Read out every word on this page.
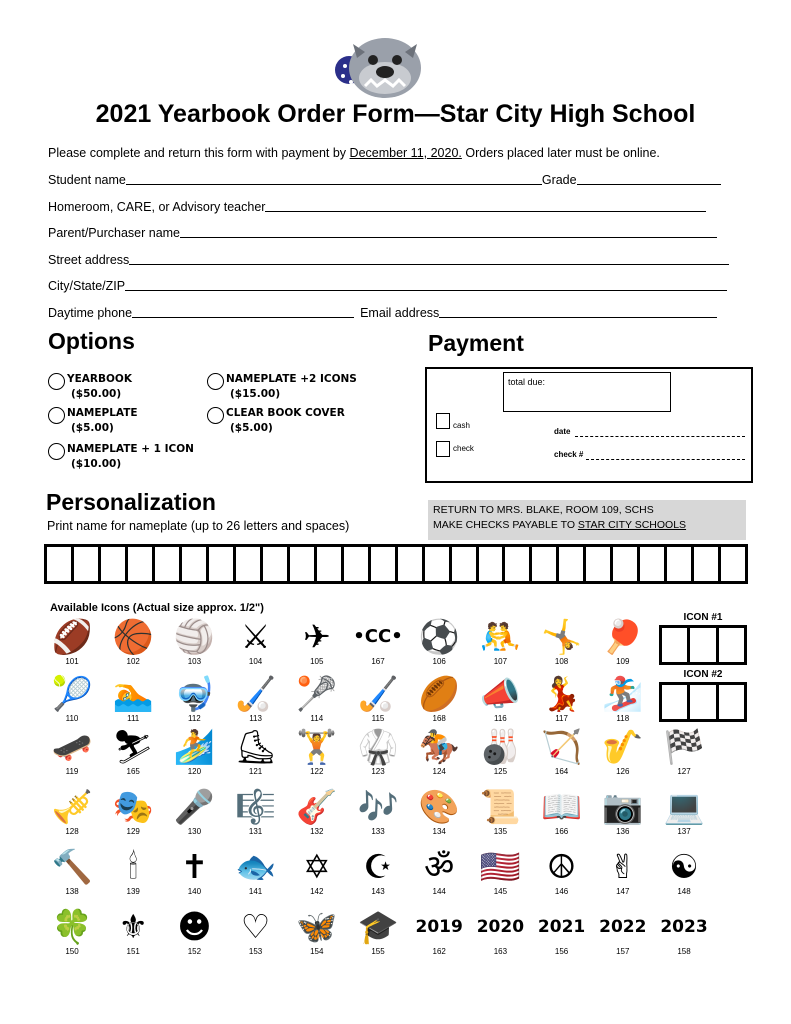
2021 Yearbook Order Form—Star City High School
Please complete and return this form with payment by December 11, 2020. Orders placed later must be online.
Student name	Grade
Homeroom, CARE, or Advisory teacher
Parent/Purchaser name
Street address
City/State/ZIP
Daytime phone	Email address
Options
YEARBOOK
($50.00)
NAMEPLATE
($5.00)
NAMEPLATE + 1 ICON
($10.00)
NAMEPLATE +2 ICONS
($15.00)
CLEAR BOOK COVER
($5.00)
Payment
total due:
cash
check
date
check #
Personalization
Print name for nameplate (up to 26 letters and spaces)
RETURN TO MRS. BLAKE, ROOM 109, SCHS
MAKE CHECKS PAYABLE TO STAR CITY SCHOOLS
Available Icons (Actual size approx. 1/2")
ICON #1
ICON #2
🏈
101
🏀
102
🏐
103
⚔
104
✈
105
•CC•
167
⚽
106
🤼
107
🤸
108
🏓
109
🎾
110
🏊
111
🤿
112
🏑
113
🥍
114
🏑
115
🏉
168
📣
116
💃
117
🏂
118
🛹
119
⛷
165
🏄
120
⛸
121
🏋
122
🥋
123
🏇
124
🎳
125
🏹
164
🎷
126
🏁
127
🎺
128
🎭
129
🎤
130
🎼
131
🎸
132
🎶
133
🎨
134
📜
135
📖
166
📷
136
💻
137
🔨
138
🕯
139
✝
140
🐟
141
✡
142
☪
143
ॐ
144
🇺🇸
145
☮
146
✌
147
☯
148
🍀
150
⚜
151
☻
152
♡
153
🦋
154
🎓
155
2019
162
2020
163
2021
156
2022
157
2023
158
